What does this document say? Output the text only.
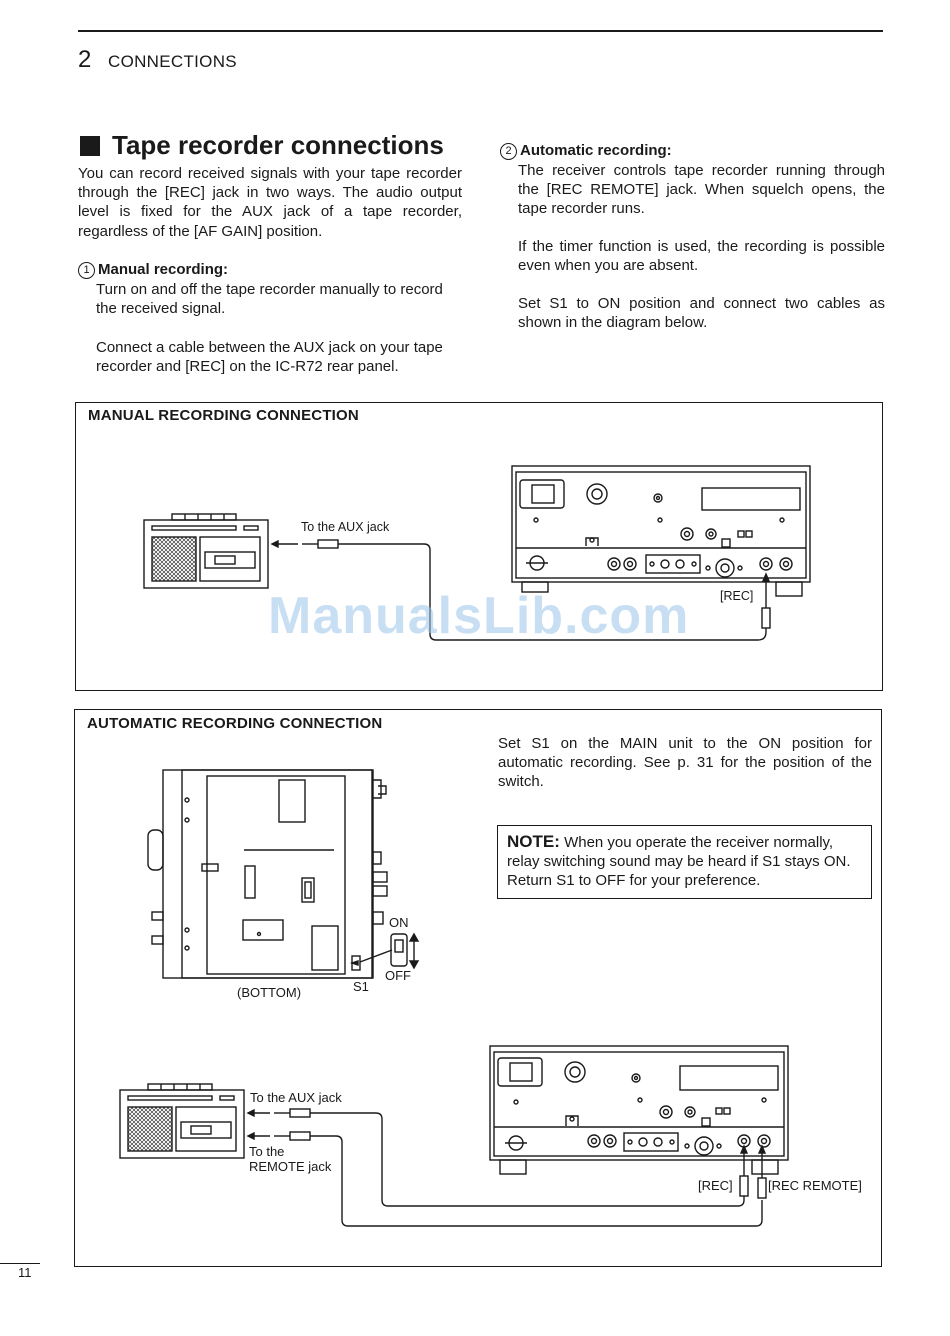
2 CONNECTIONS
Tape recorder connections
You can record received signals with your tape recorder through the [REC] jack in two ways. The audio output level is fixed for the AUX jack of a tape recorder, regardless of the [AF GAIN] position.
1 Manual recording:
Turn on and off the tape recorder manually to record the received signal.
Connect a cable between the AUX jack on your tape recorder and [REC] on the IC-R72 rear panel.
2 Automatic recording:
The receiver controls tape recorder running through the [REC REMOTE] jack. When squelch opens, the tape recorder runs.
If the timer function is used, the recording is possible even when you are absent.
Set S1 to ON position and connect two cables as shown in the diagram below.
MANUAL RECORDING CONNECTION
To the AUX jack
[REC]
ManualsLib.com
AUTOMATIC RECORDING CONNECTION
Set S1 on the MAIN unit to the ON position for automatic recording. See p. 31 for the position of the switch.
NOTE: When you operate the receiver normally, relay switching sound may be heard if S1 stays ON. Return S1 to OFF for your preference.
ON
OFF
(BOTTOM)	S1
To the AUX jack
To the
REMOTE jack
[REC]	[REC REMOTE]
11
